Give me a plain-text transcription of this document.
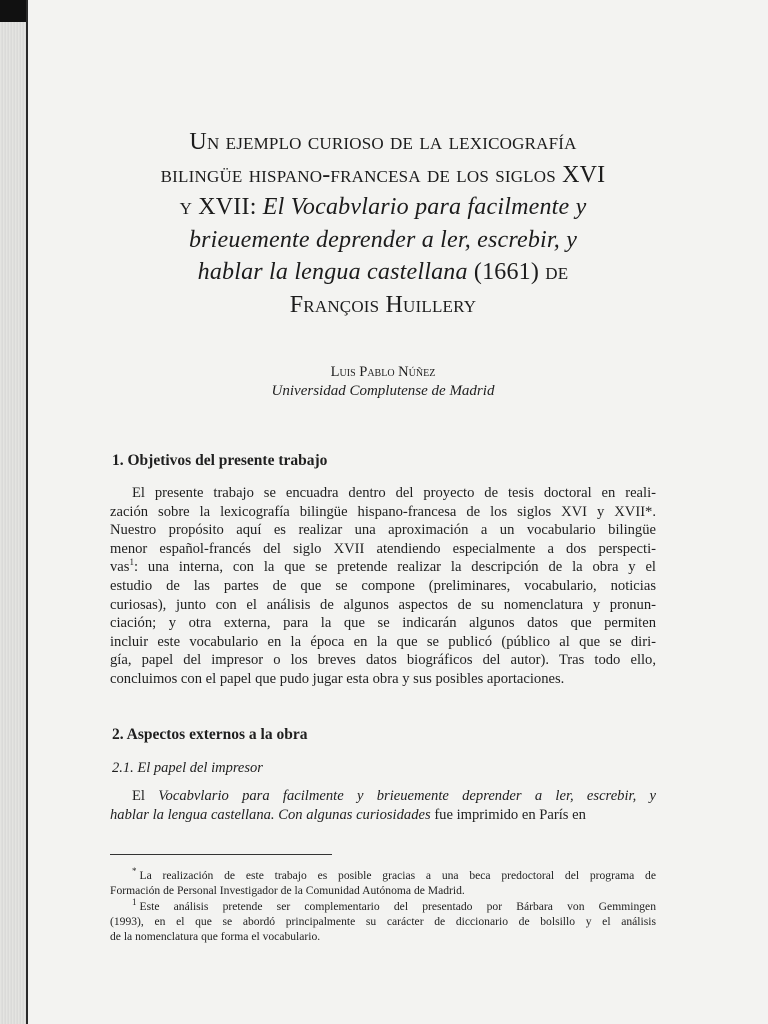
Un ejemplo curioso de la lexicografía
bilingüe hispano-francesa de los siglos XVI
y XVII: El Vocabvlario para facilmente y
brieuemente deprender a ler, escrebir, y
hablar la lengua castellana (1661) de
François Huillery
Luis Pablo Núñez
Universidad Complutense de Madrid
1. Objetivos del presente trabajo
El presente trabajo se encuadra dentro del proyecto de tesis doctoral en reali-
zación sobre la lexicografía bilingüe hispano-francesa de los siglos XVI y XVII*.
Nuestro propósito aquí es realizar una aproximación a un vocabulario bilingüe
menor español-francés del siglo XVII atendiendo especialmente a dos perspecti-
vas$^1$: una interna, con la que se pretende realizar la descripción de la obra y el
estudio de las partes de que se compone (preliminares, vocabulario, noticias
curiosas), junto con el análisis de algunos aspectos de su nomenclatura y pronun-
ciación; y otra externa, para la que se indicarán algunos datos que permiten
incluir este vocabulario en la época en la que se publicó (público al que se diri-
gía, papel del impresor o los breves datos biográficos del autor). Tras todo ello,
concluimos con el papel que pudo jugar esta obra y sus posibles aportaciones.
2. Aspectos externos a la obra
2.1. El papel del impresor
El Vocabvlario para facilmente y brieuemente deprender a ler, escrebir, y
hablar la lengua castellana. Con algunas curiosidades fue imprimido en París en
* La realización de este trabajo es posible gracias a una beca predoctoral del programa de
Formación de Personal Investigador de la Comunidad Autónoma de Madrid.
$^1$ Este análisis pretende ser complementario del presentado por Bárbara von Gemmingen
(1993), en el que se abordó principalmente su carácter de diccionario de bolsillo y el análisis
de la nomenclatura que forma el vocabulario.
